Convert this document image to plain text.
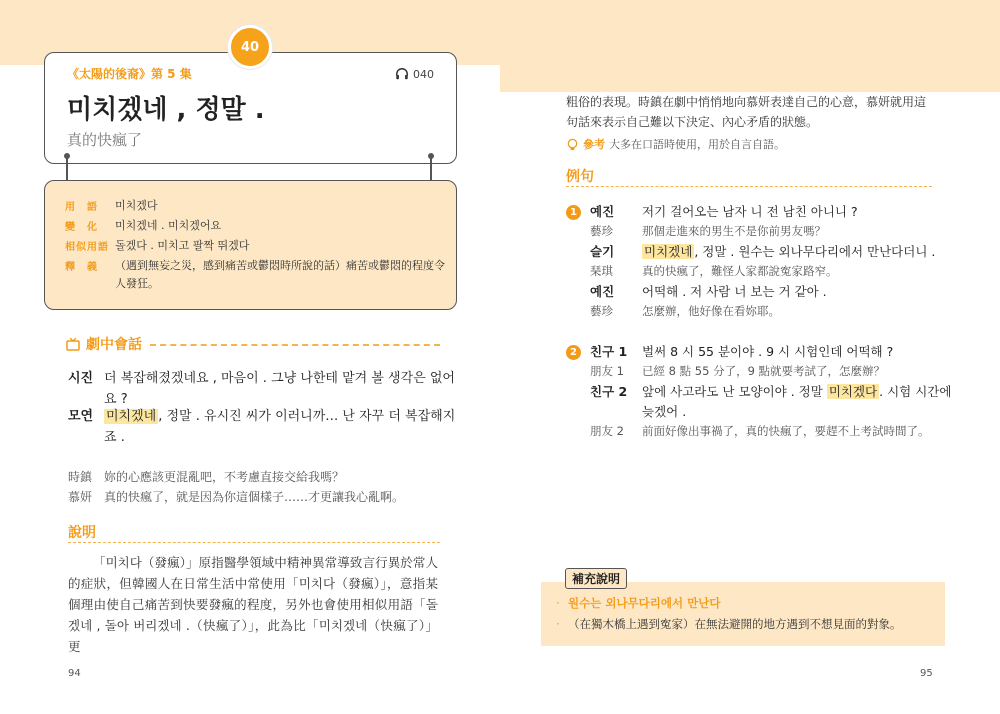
《太陽的後裔》第 5 集	040
미치겠네 , 정말 .
真的快瘋了
40
用　語	미치겠다
變　化	미치겠네 . 미치겠어요
相似用語 돌겠다 . 미치고 팔짝 뛰겠다
釋　義	（遇到無妄之災，感到痛苦或鬱悶時所說的話）痛苦或鬱悶的程度令人發狂。
劇中會話
시진 더 복잡해졌겠네요 , 마음이 . 그냥 나한테 맡겨 볼 생각은 없어요 ?
모연 미치겠네 , 정말 . 유시진 씨가 이러니까… 난 자꾸 더 복잡해지죠 .
時鎮 妳的心應該更混亂吧，不考慮直接交給我嗎？
慕妍 真的快瘋了，就是因為你這個樣子……才更讓我心亂啊。
說明
「미치다（發瘋）」原指醫學領域中精神異常導致言行異於常人的症狀，但韓國人在日常生活中常使用「미치다（發瘋）」，意指某個理由使自己痛苦到快要發瘋的程度，另外也會使用相似用語「돌겠네 , 돌아 버리겠네 .（快瘋了）」，此為比「미치겠네（快瘋了）」更
94
粗俗的表現。時鎮在劇中悄悄地向慕妍表達自己的心意，慕妍就用這句話來表示自己難以下決定、內心矛盾的狀態。
參考 大多在口語時使用，用於自言自語。
例句
1	예진 저기 걸어오는 남자 니 전 남친 아니니 ?
藝珍	那個走進來的男生不是你前男友嗎？
슬기 미치겠네 , 정말 . 원수는 외나무다리에서 만난다더니 .
琹琪	真的快瘋了，難怪人家都說寃家路窄。
예진 어떡해 . 저 사람 너 보는 거 같아 .
藝珍	怎麼辦，他好像在看妳耶。
2	친구 1 벌써 8 시 55 분이야 . 9 시 시험인데 어떡해 ?
朋友 1 已經 8 點 55 分了，9 點就要考試了，怎麼辦？
친구 2 앞에 사고라도 난 모양이야 . 정말 미치겠다 . 시험 시간에 늦겠어 .
朋友 2 前面好像出事禍了，真的快瘋了，要趕不上考試時間了。
補充說明
· 원수는 외나무다리에서 만난다
· （在獨木橋上遇到寃家）在無法避開的地方遇到不想見面的對象。
95
